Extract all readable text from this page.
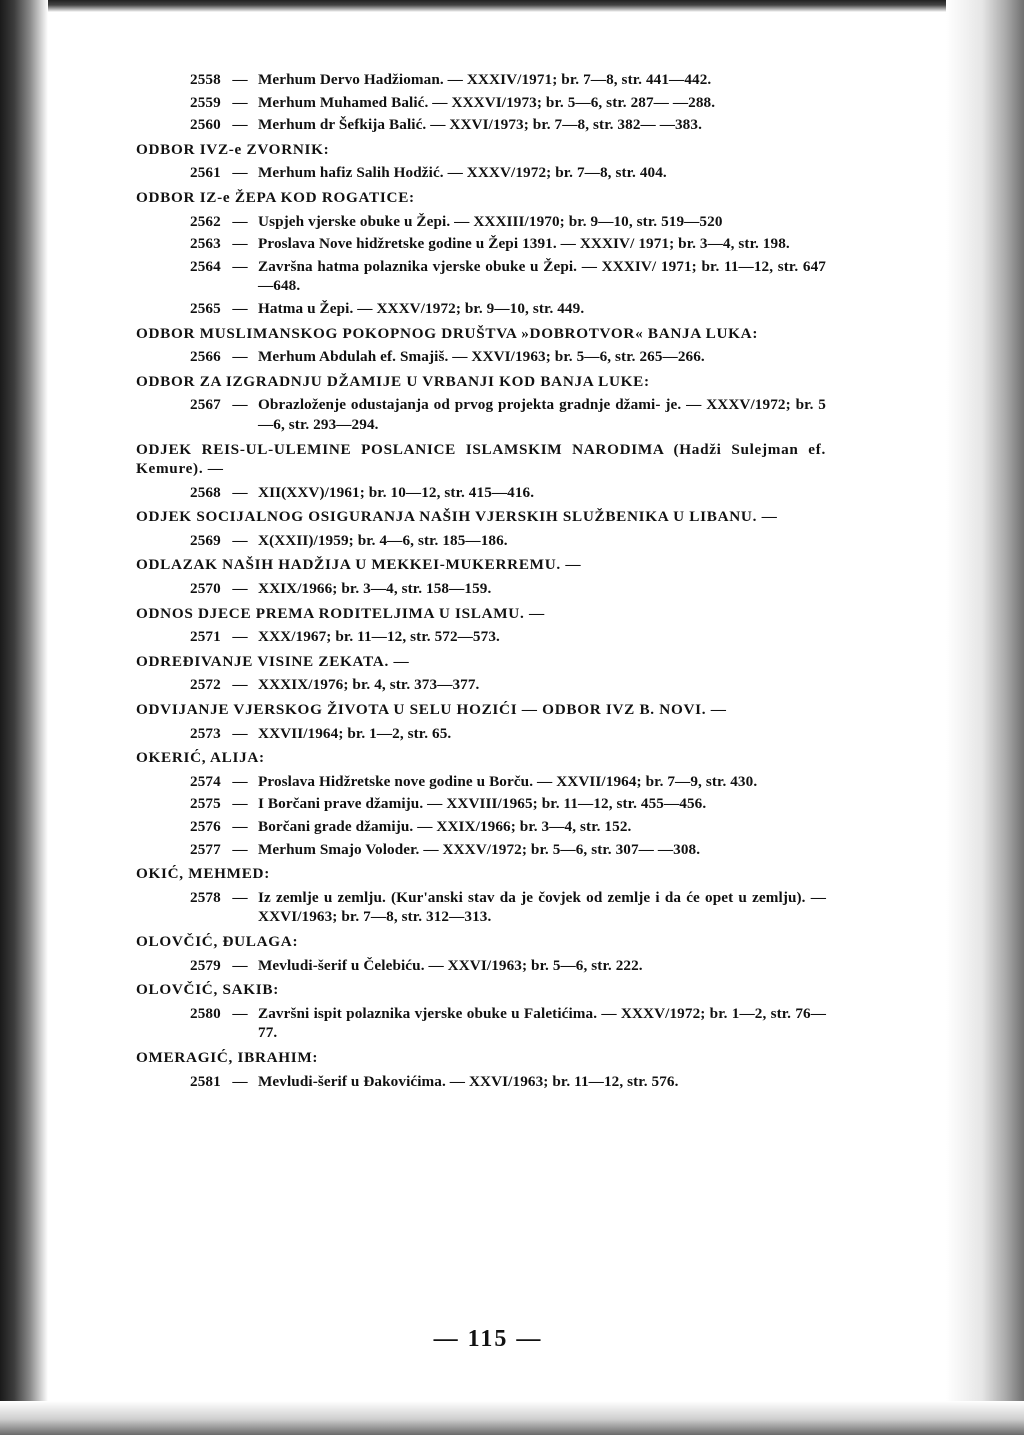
2558 — Merhum Dervo Hadžioman. — XXXIV/1971; br. 7—8, str. 441—442.
2559 — Merhum Muhamed Balić. — XXXVI/1973; br. 5—6, str. 287— —288.
2560 — Merhum dr Šefkija Balić. — XXVI/1973; br. 7—8, str. 382— —383.
ODBOR IVZ-e ZVORNIK:
2561 — Merhum hafiz Salih Hodžić. — XXXV/1972; br. 7—8, str. 404.
ODBOR IZ-e ŽEPA KOD ROGATICE:
2562 — Uspjeh vjerske obuke u Žepi. — XXXIII/1970; br. 9—10, str. 519—520
2563 — Proslava Nove hidžretske godine u Žepi 1391. — XXXIV/ 1971; br. 3—4, str. 198.
2564 — Završna hatma polaznika vjerske obuke u Žepi. — XXXIV/ 1971; br. 11—12, str. 647—648.
2565 — Hatma u Žepi. — XXXV/1972; br. 9—10, str. 449.
ODBOR MUSLIMANSKOG POKOPNOG DRUŠTVA »DOBROTVOR« BANJA LUKA:
2566 — Merhum Abdulah ef. Smajiš. — XXVI/1963; br. 5—6, str. 265—266.
ODBOR ZA IZGRADNJU DŽAMIJE U VRBANJI KOD BANJA LUKE:
2567 — Obrazloženje odustajanja od prvog projekta gradnje džami- je. — XXXV/1972; br. 5—6, str. 293—294.
ODJEK REIS-UL-ULEMINE POSLANICE ISLAMSKIM NARODIMA (Hadži Sulejman ef. Kemure). —
2568 — XII(XXV)/1961; br. 10—12, str. 415—416.
ODJEK SOCIJALNOG OSIGURANJA NAŠIH VJERSKIH SLUŽBENIKA U LIBANU. —
2569 — X(XXII)/1959; br. 4—6, str. 185—186.
ODLAZAK NAŠIH HADŽIJA U MEKKEI-MUKERREMU. —
2570 — XXIX/1966; br. 3—4, str. 158—159.
ODNOS DJECE PREMA RODITELJIMA U ISLAMU. —
2571 — XXX/1967; br. 11—12, str. 572—573.
ODREĐIVANJE VISINE ZEKATA. —
2572 — XXXIX/1976; br. 4, str. 373—377.
ODVIJANJE VJERSKOG ŽIVOTA U SELU HOZIĆI — ODBOR IVZ B. NOVI. —
2573 — XXVII/1964; br. 1—2, str. 65.
OKERIĆ, ALIJA:
2574 — Proslava Hidžretske nove godine u Borču. — XXVII/1964; br. 7—9, str. 430.
2575 — I Borčani prave džamiju. — XXVIII/1965; br. 11—12, str. 455—456.
2576 — Borčani grade džamiju. — XXIX/1966; br. 3—4, str. 152.
2577 — Merhum Smajo Voloder. — XXXV/1972; br. 5—6, str. 307— —308.
OKIĆ, MEHMED:
2578 — Iz zemlje u zemlju. (Kur'anski stav da je čovjek od zemlje i da će opet u zemlju). — XXVI/1963; br. 7—8, str. 312—313.
OLOVČIĆ, ĐULAGA:
2579 — Mevludi-šerif u Čelebiću. — XXVI/1963; br. 5—6, str. 222.
OLOVČIĆ, SAKIB:
2580 — Završni ispit polaznika vjerske obuke u Faletićima. — XXXV/1972; br. 1—2, str. 76—77.
OMERAGIĆ, IBRAHIM:
2581 — Mevludi-šerif u Đakovićima. — XXVI/1963; br. 11—12, str. 576.
— 115 —
